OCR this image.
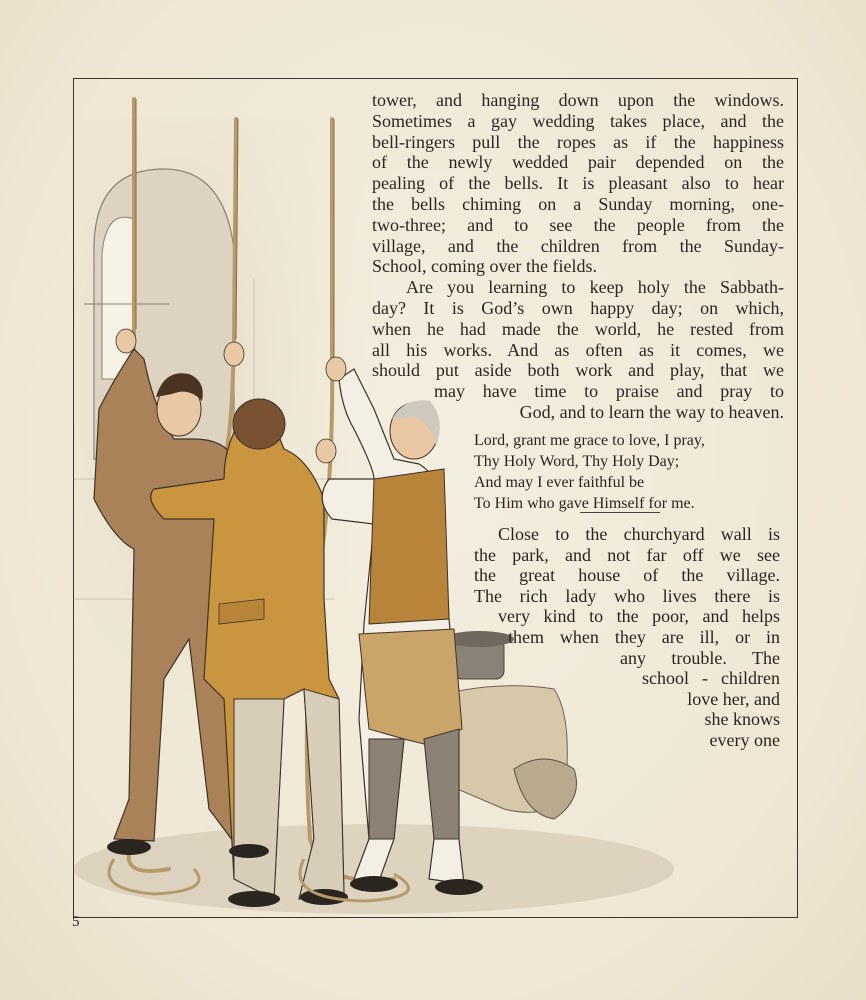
tower, and hanging down upon the windows.
Sometimes a gay wedding takes place, and the
bell-ringers pull the ropes as if the happiness
of the newly wedded pair depended on the
pealing of the bells. It is pleasant also to hear
the bells chiming on a Sunday morning, one-
two-three; and to see the people from the
village, and the children from the Sunday-
School, coming over the fields.
Are you learning to keep holy the Sabbath-
day? It is God’s own happy day; on which,
when he had made the world, he rested from
all his works. And as often as it comes, we
should put aside both work and play, that we
may have time to praise and pray to
God, and to learn the way to heaven.
Lord, grant me grace to love, I pray,
Thy Holy Word, Thy Holy Day;
And may I ever faithful be
To Him who gave Himself for me.
Close to the churchyard wall is
the park, and not far off we see
the great house of the village.
The rich lady who lives there is
very kind to the poor, and helps
them when they are ill, or in
any trouble. The
school - children
love her, and
she knows
every one
5
